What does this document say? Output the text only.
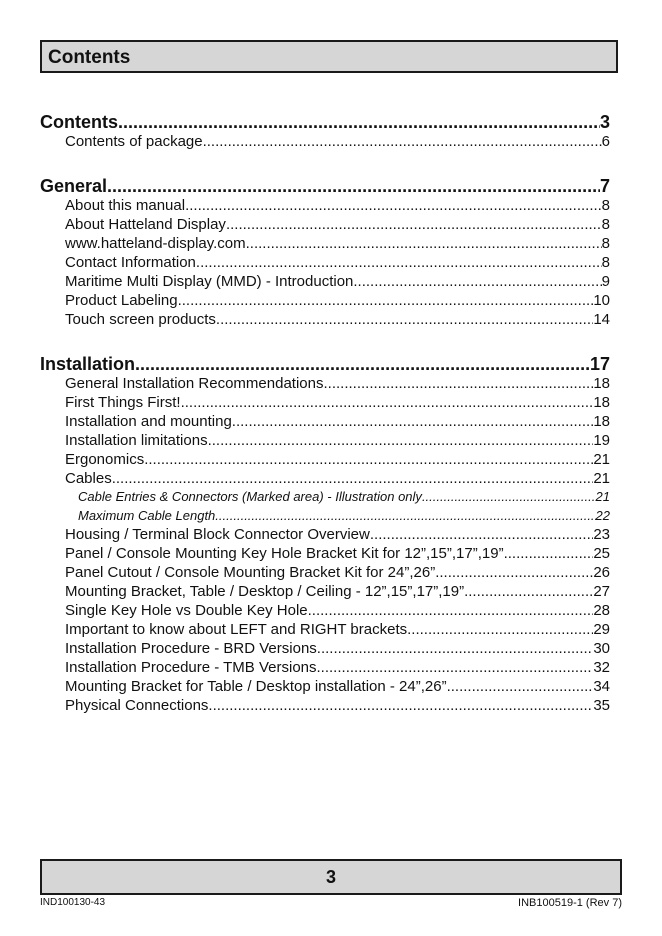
Contents
Contents .....	3
Contents of package .....	6
General .....	7
About this manual .....	8
About Hatteland Display .....	8
www.hatteland-display.com .....	8
Contact Information .....	8
Maritime Multi Display (MMD) - Introduction .....	9
Product Labeling .....	10
Touch screen products .....	14
Installation .....	17
General Installation Recommendations .....	18
First Things First! .....	18
Installation and mounting .....	18
Installation limitations .....	19
Ergonomics .....	21
Cables .....	21
Cable Entries & Connectors (Marked area) - Illustration only .....	21
Maximum Cable Length .....	22
Housing / Terminal Block Connector Overview .....	23
Panel / Console Mounting Key Hole Bracket Kit for 12”,15”,17”,19” .....	25
Panel Cutout / Console Mounting Bracket Kit for 24”,26” .....	26
Mounting Bracket, Table / Desktop / Ceiling - 12”,15”,17”,19” .....	27
Single Key Hole vs Double Key Hole .....	28
Important to know about LEFT and RIGHT brackets .....	29
Installation Procedure - BRD Versions .....	30
Installation Procedure - TMB Versions .....	32
Mounting Bracket for Table / Desktop installation - 24”,26” .....	34
Physical Connections .....	35
3
IND100130-43	INB100519-1 (Rev 7)
